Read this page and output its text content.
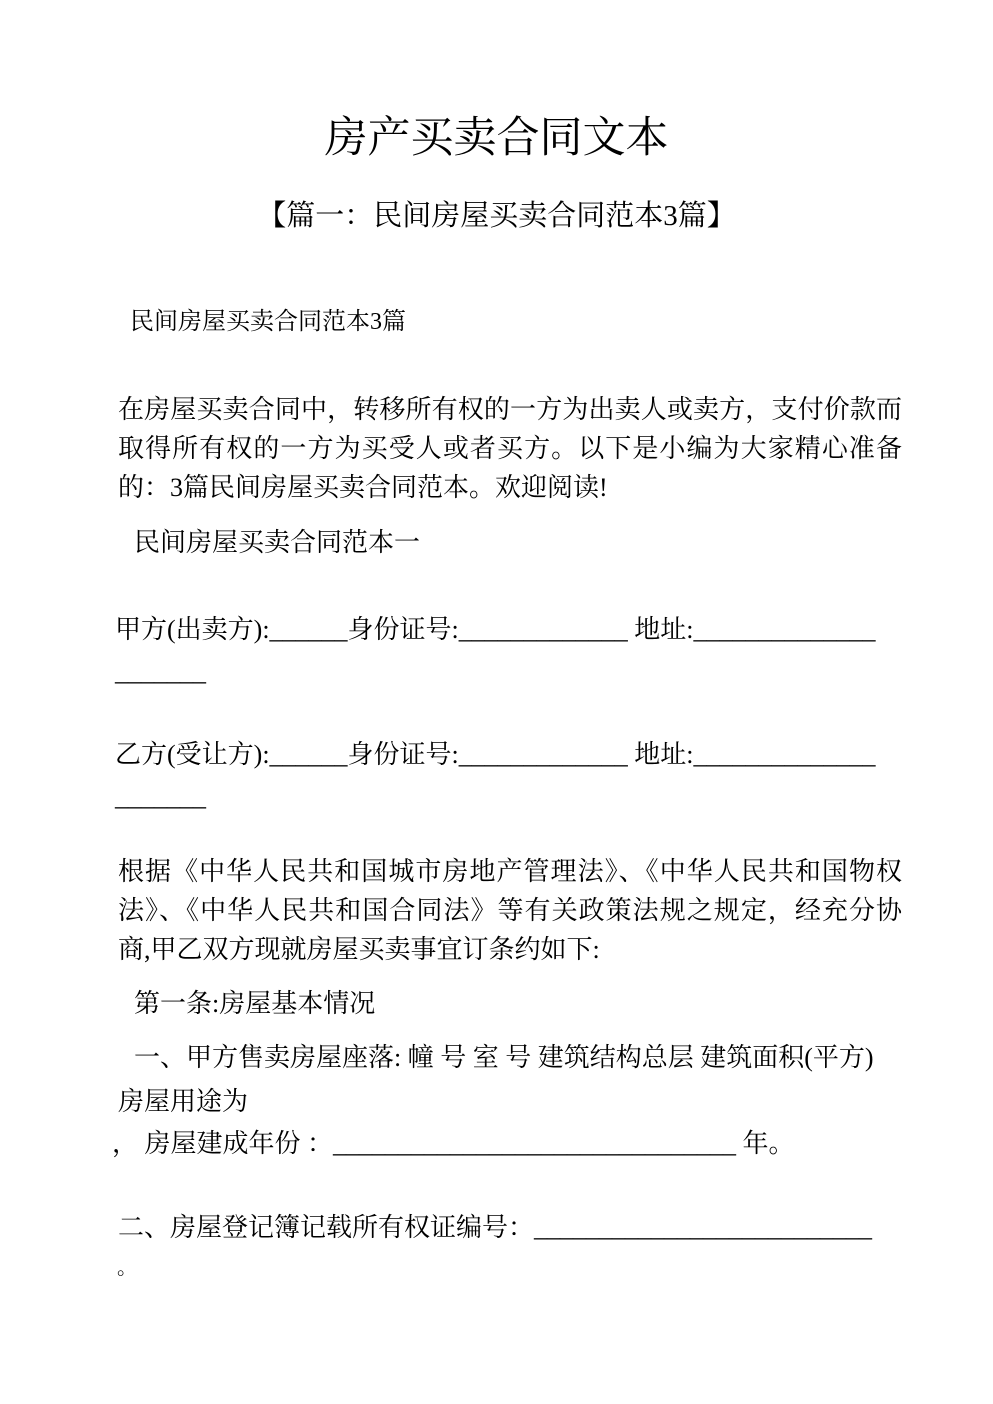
房产买卖合同文本
【篇一：民间房屋买卖合同范本3篇】

民间房屋买卖合同范本3篇

在房屋买卖合同中，转移所有权的一方为出卖人或卖方，支付价款而取得所有权的一方为买受人或者买方。以下是小编为大家精心准备的：3篇民间房屋买卖合同范本。欢迎阅读!

民间房屋买卖合同范本一

甲方(出卖方):______身份证号:_____________ 地址:______________

_______

乙方(受让方):______身份证号:_____________ 地址:______________

_______

根据《中华人民共和国城市房地产管理法》、《中华人民共和国物权法》、《中华人民共和国合同法》等有关政策法规之规定，经充分协商,甲乙双方现就房屋买卖事宜订条约如下:

第一条:房屋基本情况

一、甲方售卖房屋座落: 幢 号 室 号 建筑结构总层 建筑面积(平方) 房屋用途为

， 房屋建成年份 ：_______________________________ 年。

二、房屋登记簿记载所有权证编号：__________________________

。
